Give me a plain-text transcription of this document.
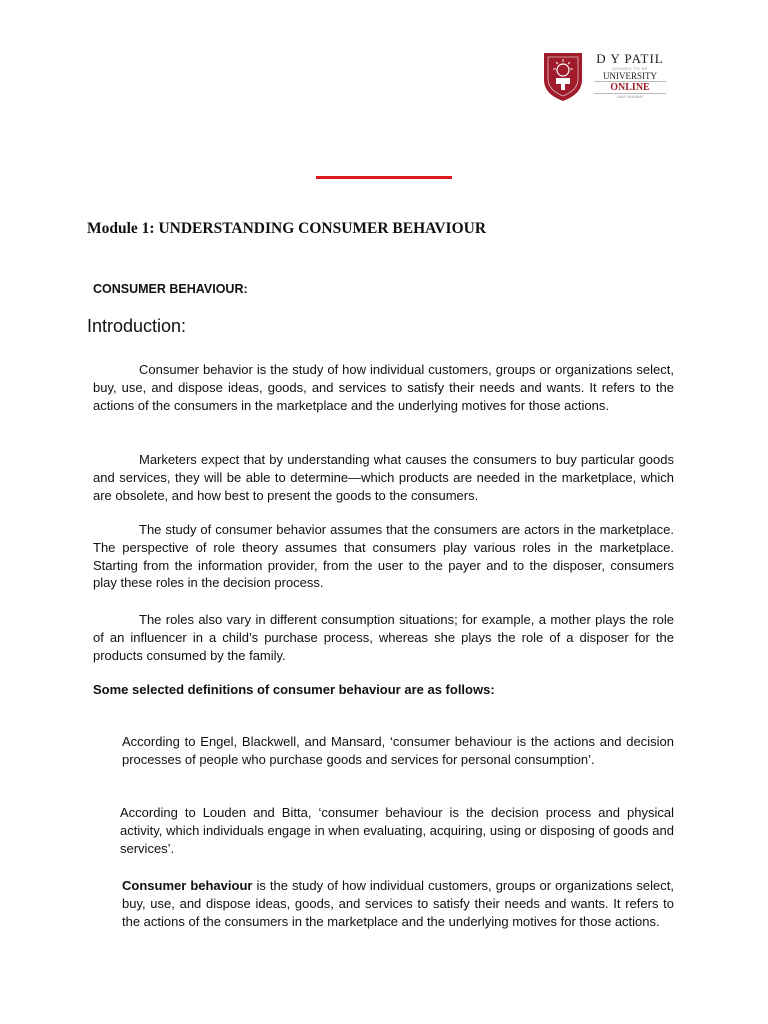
D Y PATIL
DEEMED TO BE
UNIVERSITY
ONLINE
NAVI MUMBAI
Module 1: UNDERSTANDING CONSUMER BEHAVIOUR
CONSUMER BEHAVIOUR:
Introduction:

Consumer behavior is the study of how individual customers, groups or organizations select, buy, use, and dispose ideas, goods, and services to satisfy their needs and wants. It refers to the actions of the consumers in the marketplace and the underlying motives for those actions.

Marketers expect that by understanding what causes the consumers to buy particular goods and services, they will be able to determine—which products are needed in the marketplace, which are obsolete, and how best to present the goods to the consumers.

The study of consumer behavior assumes that the consumers are actors in the marketplace. The perspective of role theory assumes that consumers play various roles in the marketplace. Starting from the information provider, from the user to the payer and to the disposer, consumers play these roles in the decision process.

The roles also vary in different consumption situations; for example, a mother plays the role of an influencer in a child’s purchase process, whereas she plays the role of a disposer for the products consumed by the family.

Some selected definitions of consumer behaviour are as follows:

According to Engel, Blackwell, and Mansard, ‘consumer behaviour is the actions and decision processes of people who purchase goods and services for personal consumption’.

According to Louden and Bitta, ‘consumer behaviour is the decision process and physical activity, which individuals engage in when evaluating, acquiring, using or disposing of goods and services’.

Consumer behaviour is the study of how individual customers, groups or organizations select, buy, use, and dispose ideas, goods, and services to satisfy their needs and wants. It refers to the actions of the consumers in the marketplace and the underlying motives for those actions.
